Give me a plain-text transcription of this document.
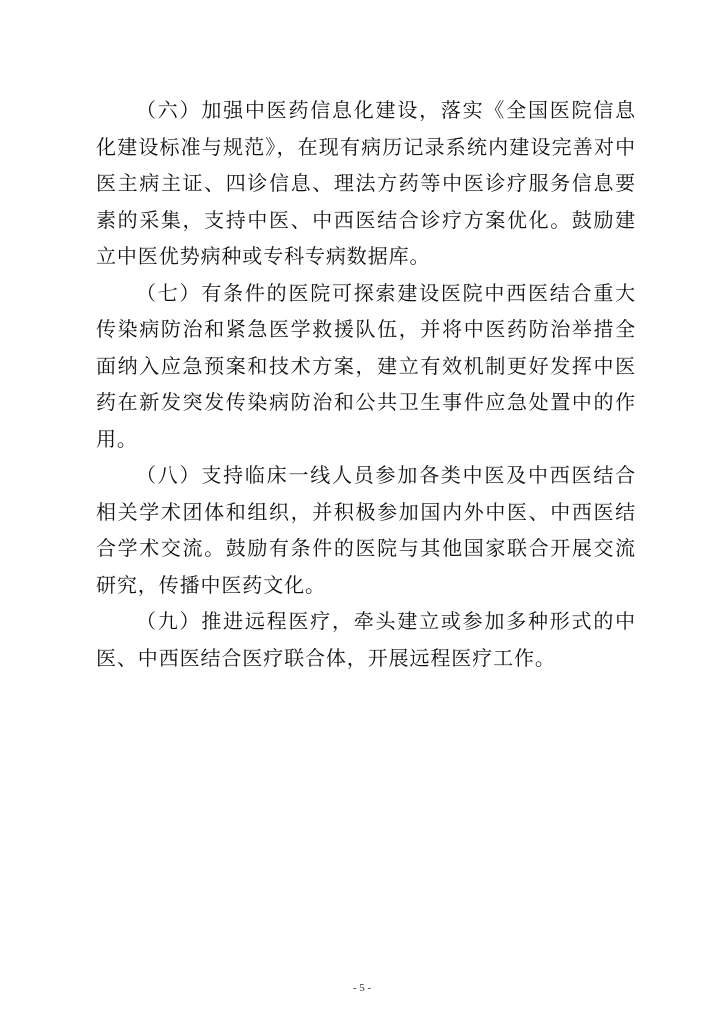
（六）加强中医药信息化建设，落实《全国医院信息化建设标准与规范》，在现有病历记录系统内建设完善对中医主病主证、四诊信息、理法方药等中医诊疗服务信息要素的采集，支持中医、中西医结合诊疗方案优化。鼓励建立中医优势病种或专科专病数据库。

（七）有条件的医院可探索建设医院中西医结合重大传染病防治和紧急医学救援队伍，并将中医药防治举措全面纳入应急预案和技术方案，建立有效机制更好发挥中医药在新发突发传染病防治和公共卫生事件应急处置中的作用。

（八）支持临床一线人员参加各类中医及中西医结合相关学术团体和组织，并积极参加国内外中医、中西医结合学术交流。鼓励有条件的医院与其他国家联合开展交流研究，传播中医药文化。

（九）推进远程医疗，牵头建立或参加多种形式的中医、中西医结合医疗联合体，开展远程医疗工作。

- 5 -
